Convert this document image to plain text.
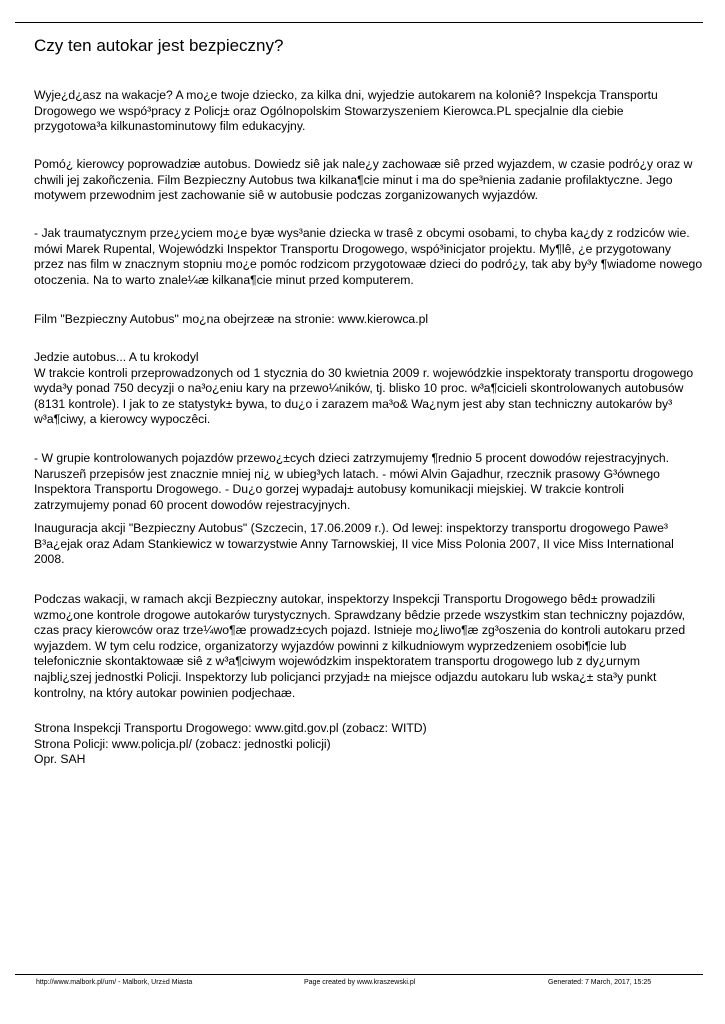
Czy ten autokar jest bezpieczny?

Wyje¿d¿asz na wakacje? A mo¿e twoje dziecko, za kilka dni, wyjedzie autokarem na koloniê? Inspekcja Transportu

Drogowego we wspó³pracy z Policj± oraz Ogólnopolskim Stowarzyszeniem Kierowca.PL specjalnie dla ciebie

przygotowa³a kilkunastominutowy film edukacyjny.

Pomó¿ kierowcy poprowadziæ autobus. Dowiedz siê jak nale¿y zachowaæ siê przed wyjazdem, w czasie podró¿y oraz w

chwili jej zakoñczenia. Film Bezpieczny Autobus twa kilkana¶cie minut i ma do spe³nienia zadanie profilaktyczne. Jego

motywem przewodnim jest zachowanie siê w autobusie podczas zorganizowanych wyjazdów.

- Jak traumatycznym prze¿yciem mo¿e byæ wys³anie dziecka w trasê z obcymi osobami, to chyba ka¿dy z rodziców wie.

mówi Marek Rupental, Wojewódzki Inspektor Transportu Drogowego, wspó³inicjator projektu. My¶lê, ¿e przygotowany

przez nas film w znacznym stopniu mo¿e pomóc rodzicom przygotowaæ dzieci do podró¿y, tak aby by³y ¶wiadome nowego

otoczenia. Na to warto znale¼æ kilkana¶cie minut przed komputerem.

Film "Bezpieczny Autobus" mo¿na obejrzeæ na stronie: www.kierowca.pl

Jedzie autobus... A tu krokodyl

W trakcie kontroli przeprowadzonych od 1 stycznia do 30 kwietnia 2009 r. wojewódzkie inspektoraty transportu drogowego

wyda³y ponad 750 decyzji o na³o¿eniu kary na przewo¼ników, tj. blisko 10 proc. w³a¶cicieli skontrolowanych autobusów

(8131 kontrole). I jak to ze statystyk± bywa, to du¿o i zarazem ma³o& Wa¿nym jest aby stan techniczny autokarów by³

w³a¶ciwy, a kierowcy wypoczêci.

- W grupie kontrolowanych pojazdów przewo¿±cych dzieci zatrzymujemy ¶rednio 5 procent dowodów rejestracyjnych.

Naruszeñ przepisów jest znacznie mniej ni¿ w ubieg³ych latach. - mówi Alvin Gajadhur, rzecznik prasowy G³ównego

Inspektora Transportu Drogowego. - Du¿o gorzej wypadaj± autobusy komunikacji miejskiej. W trakcie kontroli

zatrzymujemy ponad 60 procent dowodów rejestracyjnych.

Inauguracja akcji "Bezpieczny Autobus" (Szczecin, 17.06.2009 r.). Od lewej: inspektorzy transportu drogowego Pawe³

B³a¿ejak oraz Adam Stankiewicz w towarzystwie Anny Tarnowskiej, II vice Miss Polonia 2007, II vice Miss International

2008.

Podczas wakacji, w ramach akcji Bezpieczny autokar, inspektorzy Inspekcji Transportu Drogowego bêd± prowadzili

wzmo¿one kontrole drogowe autokarów turystycznych. Sprawdzany bêdzie przede wszystkim stan techniczny pojazdów,

czas pracy kierowców oraz trze¼wo¶æ prowadz±cych pojazd. Istnieje mo¿liwo¶æ zg³oszenia do kontroli autokaru przed

wyjazdem. W tym celu rodzice, organizatorzy wyjazdów powinni z kilkudniowym wyprzedzeniem osobi¶cie lub

telefonicznie skontaktowaæ siê z w³a¶ciwym wojewódzkim inspektoratem transportu drogowego lub z dy¿urnym

najbli¿szej jednostki Policji. Inspektorzy lub policjanci przyjad± na miejsce odjazdu autokaru lub wska¿± sta³y punkt

kontrolny, na który autokar powinien podjechaæ.

Strona Inspekcji Transportu Drogowego: www.gitd.gov.pl (zobacz: WITD)

Strona Policji: www.policja.pl/ (zobacz: jednostki policji)

Opr. SAH

http://www.malbork.pl/um/ - Malbork, Urz±d Miasta	Page created by www.kraszewski.pl	Generated: 7 March, 2017, 15:25
